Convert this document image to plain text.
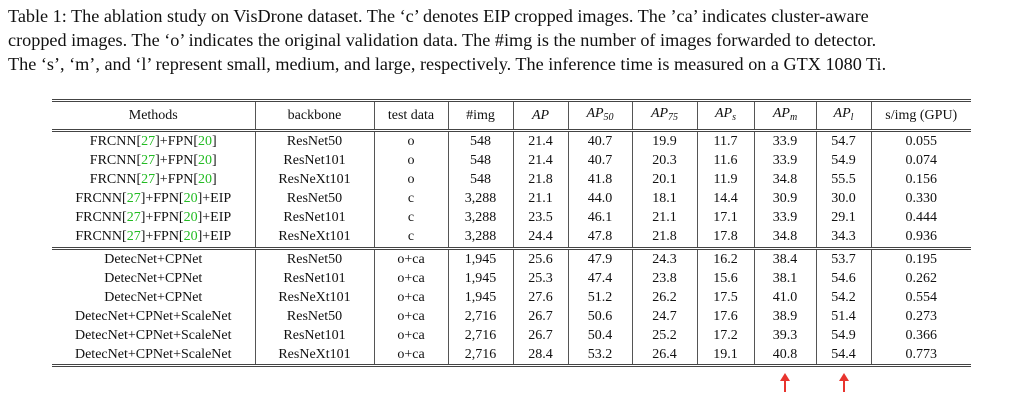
Table 1: The ablation study on VisDrone dataset. The ‘c’ denotes EIP cropped images. The ’ca’ indicates cluster-aware

cropped images. The ‘o’ indicates the original validation data. The #img is the number of images forwarded to detector.

The ‘s’, ‘m’, and ‘l’ represent small, medium, and large, respectively. The inference time is measured on a GTX 1080 Ti.

Methods	backbone	test data	#img	AP	$AP_{50}$	$AP_{75}$	$AP_s$	$AP_m$	$AP_l$	s/img (GPU)
FRCNN[27]+FPN[20]	ResNet50	o	548	21.4	40.7	19.9	11.7	33.9	54.7	0.055
FRCNN[27]+FPN[20]	ResNet101	o	548	21.4	40.7	20.3	11.6	33.9	54.9	0.074
FRCNN[27]+FPN[20]	ResNeXt101	o	548	21.8	41.8	20.1	11.9	34.8	55.5	0.156
FRCNN[27]+FPN[20]+EIP	ResNet50	c	3,288	21.1	44.0	18.1	14.4	30.9	30.0	0.330
FRCNN[27]+FPN[20]+EIP	ResNet101	c	3,288	23.5	46.1	21.1	17.1	33.9	29.1	0.444
FRCNN[27]+FPN[20]+EIP	ResNeXt101	c	3,288	24.4	47.8	21.8	17.8	34.8	34.3	0.936
DetecNet+CPNet	ResNet50	o+ca	1,945	25.6	47.9	24.3	16.2	38.4	53.7	0.195
DetecNet+CPNet	ResNet101	o+ca	1,945	25.3	47.4	23.8	15.6	38.1	54.6	0.262
DetecNet+CPNet	ResNeXt101	o+ca	1,945	27.6	51.2	26.2	17.5	41.0	54.2	0.554
DetecNet+CPNet+ScaleNet	ResNet50	o+ca	2,716	26.7	50.6	24.7	17.6	38.9	51.4	0.273
DetecNet+CPNet+ScaleNet	ResNet101	o+ca	2,716	26.7	50.4	25.2	17.2	39.3	54.9	0.366
DetecNet+CPNet+ScaleNet	ResNeXt101	o+ca	2,716	28.4	53.2	26.4	19.1	40.8	54.4	0.773
